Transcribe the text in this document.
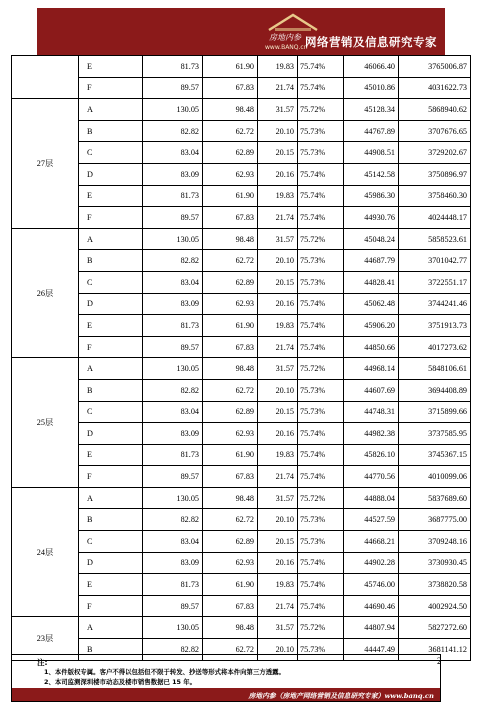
房地内参
www.BANQ.cn
网络营销及信息研究专家
	E	81.73	61.90	19.83	75.74%	46066.40	3765006.87
	F	89.57	67.83	21.74	75.74%	45010.86	4031622.73
27层	A	130.05	98.48	31.57	75.72%	45128.34	5868940.62
	B	82.82	62.72	20.10	75.73%	44767.89	3707676.65
	C	83.04	62.89	20.15	75.73%	44908.51	3729202.67
	D	83.09	62.93	20.16	75.74%	45142.58	3750896.97
	E	81.73	61.90	19.83	75.74%	45986.30	3758460.30
	F	89.57	67.83	21.74	75.74%	44930.76	4024448.17
26层	A	130.05	98.48	31.57	75.72%	45048.24	5858523.61
	B	82.82	62.72	20.10	75.73%	44687.79	3701042.77
	C	83.04	62.89	20.15	75.73%	44828.41	3722551.17
	D	83.09	62.93	20.16	75.74%	45062.48	3744241.46
	E	81.73	61.90	19.83	75.74%	45906.20	3751913.73
	F	89.57	67.83	21.74	75.74%	44850.66	4017273.62
25层	A	130.05	98.48	31.57	75.72%	44968.14	5848106.61
	B	82.82	62.72	20.10	75.73%	44607.69	3694408.89
	C	83.04	62.89	20.15	75.73%	44748.31	3715899.66
	D	83.09	62.93	20.16	75.74%	44982.38	3737585.95
	E	81.73	61.90	19.83	75.74%	45826.10	3745367.15
	F	89.57	67.83	21.74	75.74%	44770.56	4010099.06
24层	A	130.05	98.48	31.57	75.72%	44888.04	5837689.60
	B	82.82	62.72	20.10	75.73%	44527.59	3687775.00
	C	83.04	62.89	20.15	75.73%	44668.21	3709248.16
	D	83.09	62.93	20.16	75.74%	44902.28	3730930.45
	E	81.73	61.90	19.83	75.74%	45746.00	3738820.58
	F	89.57	67.83	21.74	75.74%	44690.46	4002924.50
23层	A	130.05	98.48	31.57	75.72%	44807.94	5827272.60
	B	82.82	62.72	20.10	75.73%	44447.49	3681141.12
注:
1、本件版权专属。客户不得以包括但不限于转发、抄送等形式将本件向第三方透露。
2、本司监测深圳楼市动态及楼市销售数据已 15 年。
房地内参（房地产网络营销及信息研究专家）www.banq.cn
2
